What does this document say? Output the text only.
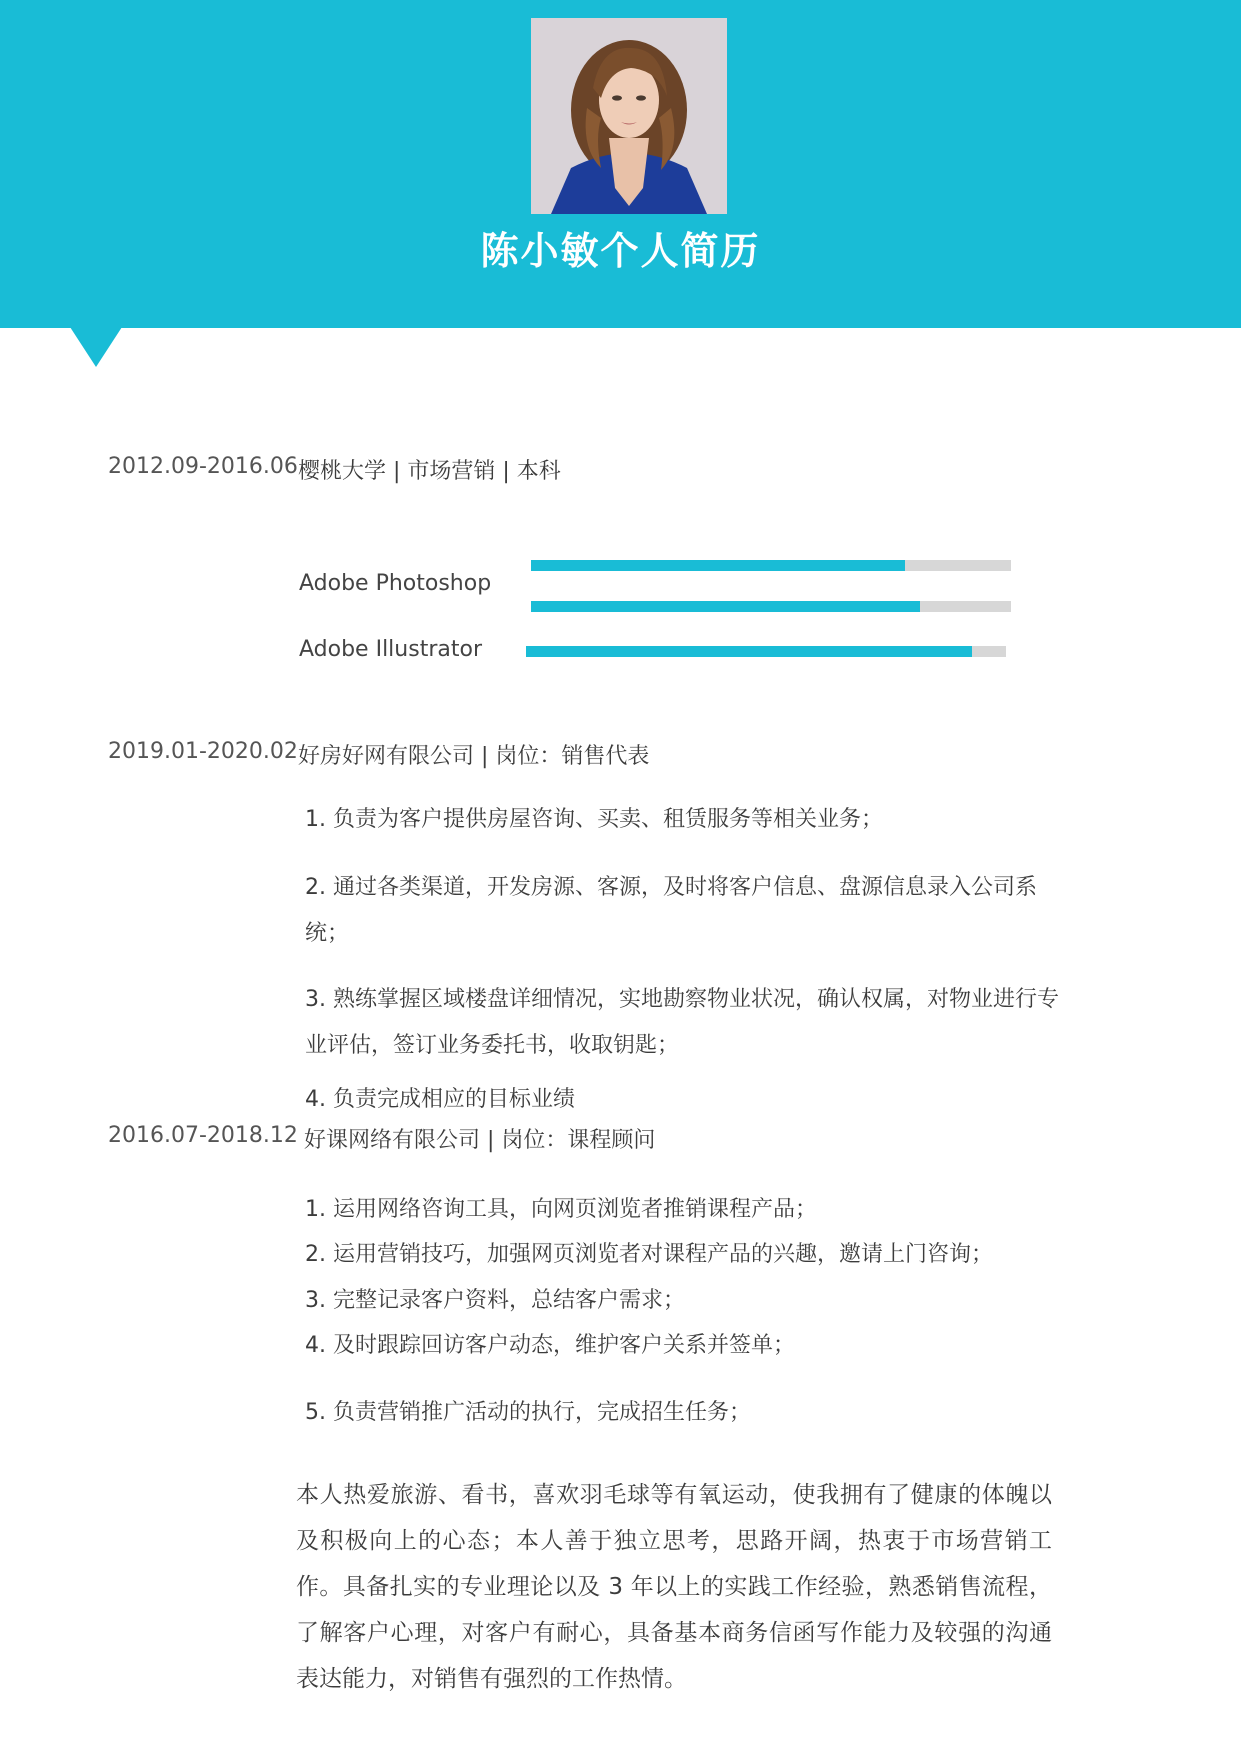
陈小敏个人简历
2012.09-2016.06 樱桃大学 | 市场营销 | 本科
Adobe Photoshop
Adobe Illustrator
2019.01-2020.02 好房好网有限公司 | 岗位：销售代表
1. 负责为客户提供房屋咨询、买卖、租赁服务等相关业务；
2. 通过各类渠道，开发房源、客源，及时将客户信息、盘源信息录入公司系统；
3. 熟练掌握区域楼盘详细情况，实地勘察物业状况，确认权属，对物业进行专业评估，签订业务委托书，收取钥匙；
4. 负责完成相应的目标业绩
2016.07-2018.12 好课网络有限公司 | 岗位：课程顾问
1. 运用网络咨询工具，向网页浏览者推销课程产品；
2. 运用营销技巧，加强网页浏览者对课程产品的兴趣，邀请上门咨询；
3. 完整记录客户资料，总结客户需求；
4. 及时跟踪回访客户动态，维护客户关系并签单；
5. 负责营销推广活动的执行，完成招生任务；
本人热爱旅游、看书，喜欢羽毛球等有氧运动，使我拥有了健康的体魄以及积极向上的心态；本人善于独立思考，思路开阔，热衷于市场营销工作。具备扎实的专业理论以及 3 年以上的实践工作经验，熟悉销售流程，了解客户心理，对客户有耐心，具备基本商务信函写作能力及较强的沟通表达能力，对销售有强烈的工作热情。
